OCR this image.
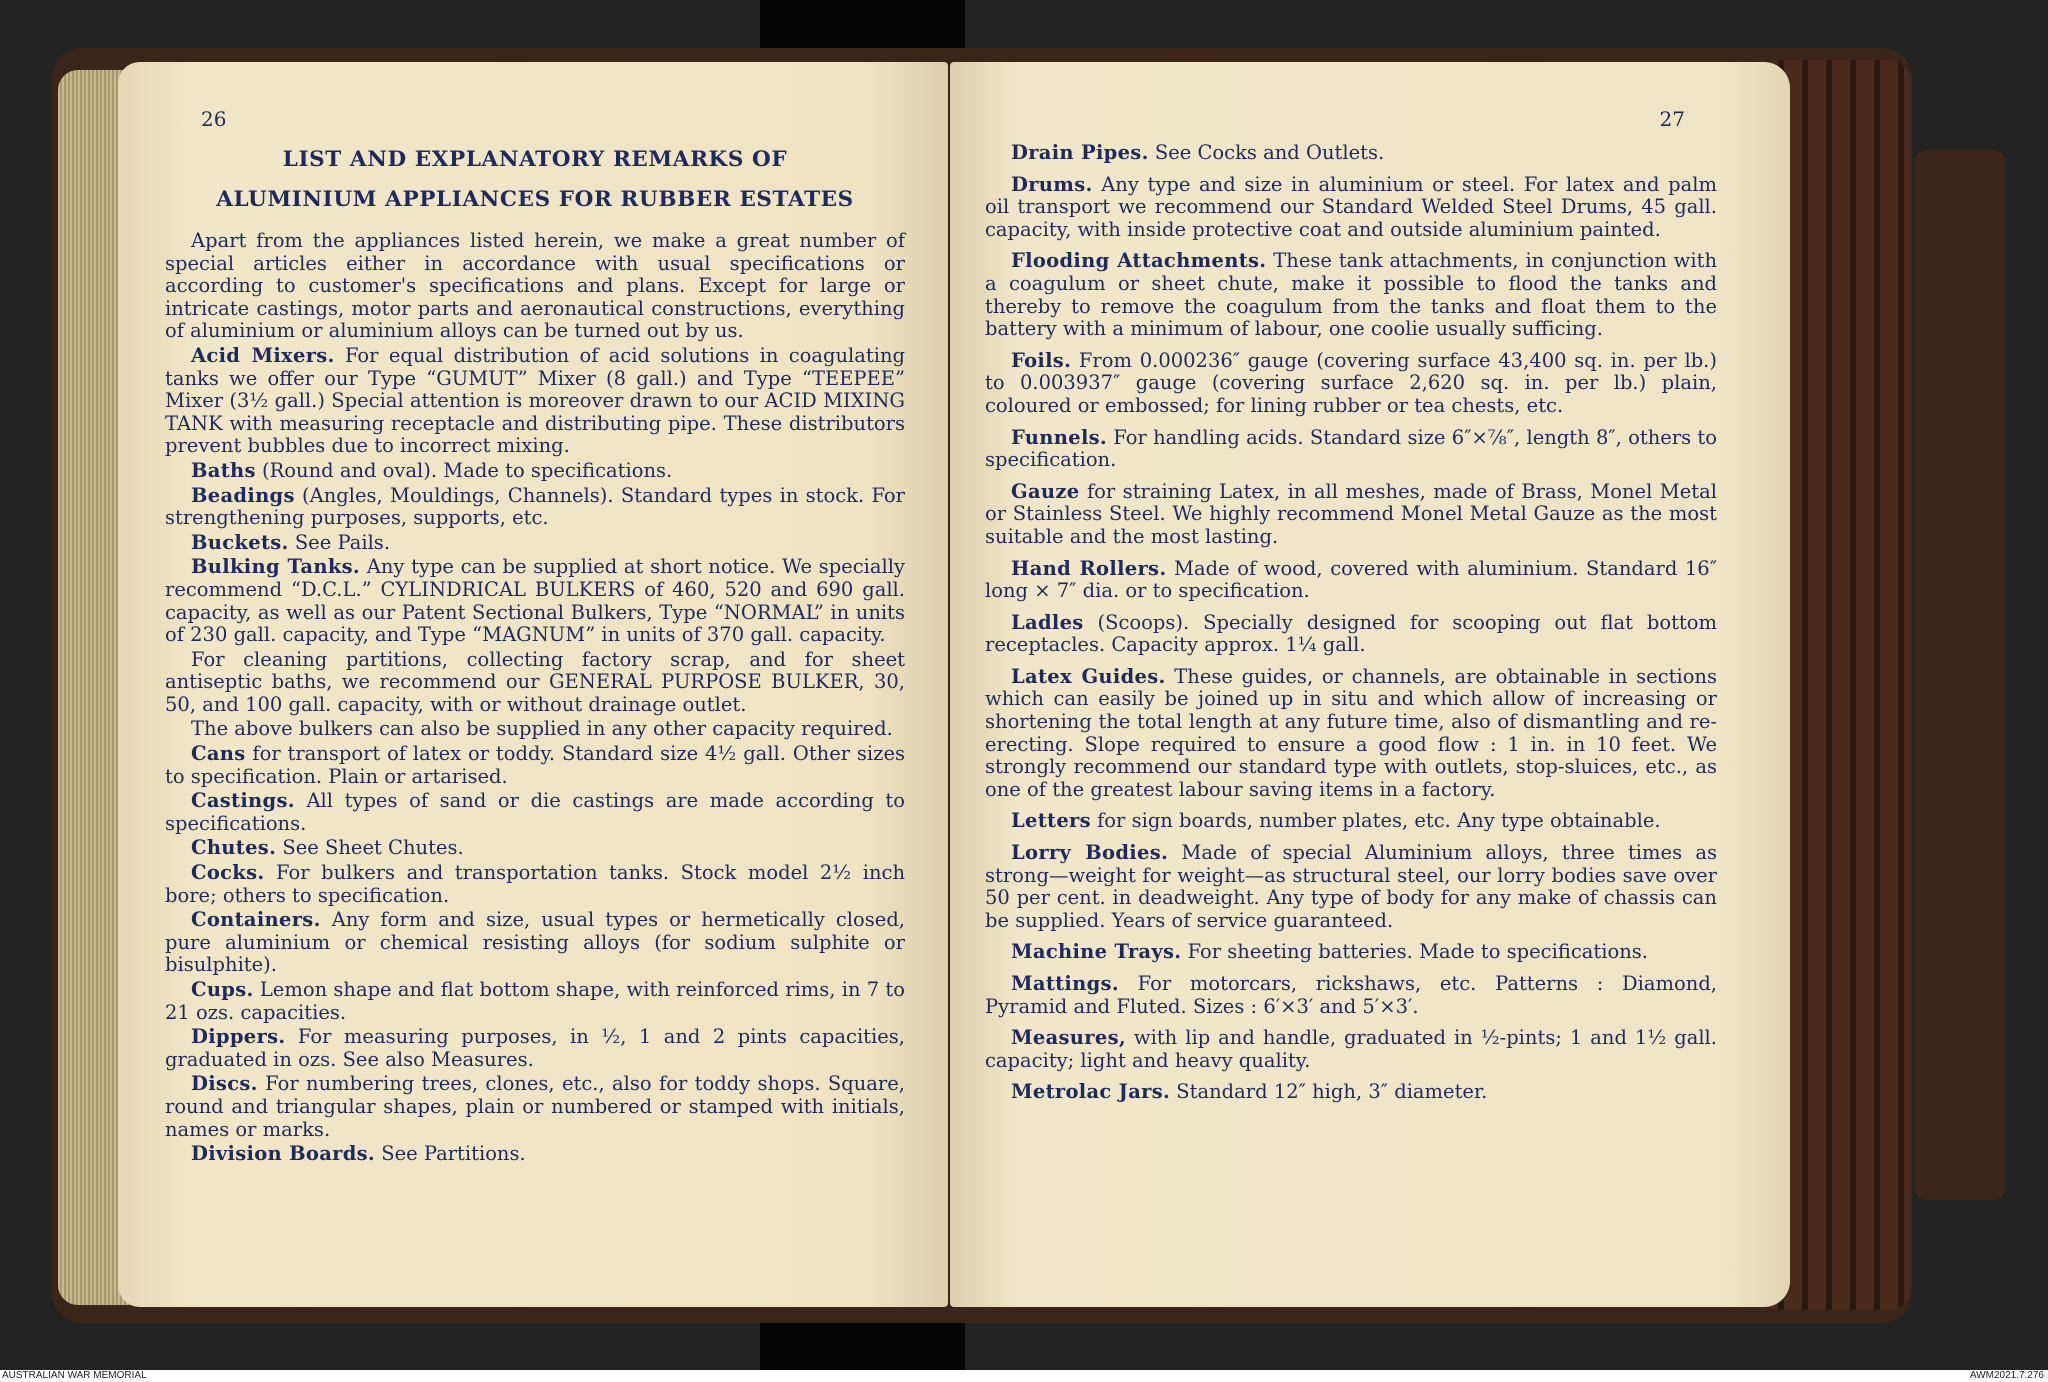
26
LIST AND EXPLANATORY REMARKS OF
ALUMINIUM APPLIANCES FOR RUBBER ESTATES

Apart from the appliances listed herein, we make a great number of special articles either in accordance with usual specifications or according to customer's specifications and plans. Except for large or intricate castings, motor parts and aeronautical constructions, everything of aluminium or aluminium alloys can be turned out by us.

Acid Mixers. For equal distribution of acid solutions in coagulating tanks we offer our Type “GUMUT” Mixer (8 gall.) and Type “TEEPEE” Mixer (3½ gall.) Special attention is moreover drawn to our ACID MIXING TANK with measuring receptacle and distributing pipe. These distributors prevent bubbles due to incorrect mixing.

Baths (Round and oval). Made to specifications.

Beadings (Angles, Mouldings, Channels). Standard types in stock. For strengthening purposes, supports, etc.

Buckets. See Pails.

Bulking Tanks. Any type can be supplied at short notice. We specially recommend “D.C.L.” CYLINDRICAL BULKERS of 460, 520 and 690 gall. capacity, as well as our Patent Sectional Bulkers, Type “NORMAL” in units of 230 gall. capacity, and Type “MAGNUM” in units of 370 gall. capacity.

For cleaning partitions, collecting factory scrap, and for sheet antiseptic baths, we recommend our GENERAL PURPOSE BULKER, 30, 50, and 100 gall. capacity, with or without drainage outlet.

The above bulkers can also be supplied in any other capacity required.

Cans for transport of latex or toddy. Standard size 4½ gall. Other sizes to specification. Plain or artarised.

Castings. All types of sand or die castings are made according to specifications.

Chutes. See Sheet Chutes.

Cocks. For bulkers and transportation tanks. Stock model 2½ inch bore; others to specification.

Containers. Any form and size, usual types or hermetically closed, pure aluminium or chemical resisting alloys (for sodium sulphite or bisulphite).

Cups. Lemon shape and flat bottom shape, with reinforced rims, in 7 to 21 ozs. capacities.

Dippers. For measuring purposes, in ½, 1 and 2 pints capacities, graduated in ozs. See also Measures.

Discs. For numbering trees, clones, etc., also for toddy shops. Square, round and triangular shapes, plain or numbered or stamped with initials, names or marks.

Division Boards. See Partitions.

27

Drain Pipes. See Cocks and Outlets.

Drums. Any type and size in aluminium or steel. For latex and palm oil transport we recommend our Standard Welded Steel Drums, 45 gall. capacity, with inside protective coat and outside aluminium painted.

Flooding Attachments. These tank attachments, in conjunction with a coagulum or sheet chute, make it possible to flood the tanks and thereby to remove the coagulum from the tanks and float them to the battery with a minimum of labour, one coolie usually sufficing.

Foils. From 0.000236″ gauge (covering surface 43,400 sq. in. per lb.) to 0.003937″ gauge (covering surface 2,620 sq. in. per lb.) plain, coloured or embossed; for lining rubber or tea chests, etc.

Funnels. For handling acids. Standard size 6″×⅞″, length 8″, others to specification.

Gauze for straining Latex, in all meshes, made of Brass, Monel Metal or Stainless Steel. We highly recommend Monel Metal Gauze as the most suitable and the most lasting.

Hand Rollers. Made of wood, covered with aluminium. Standard 16″ long × 7″ dia. or to specification.

Ladles (Scoops). Specially designed for scooping out flat bottom receptacles. Capacity approx. 1¼ gall.

Latex Guides. These guides, or channels, are obtainable in sections which can easily be joined up in situ and which allow of increasing or shortening the total length at any future time, also of dismantling and re-erecting. Slope required to ensure a good flow : 1 in. in 10 feet. We strongly recommend our standard type with outlets, stop-sluices, etc., as one of the greatest labour saving items in a factory.

Letters for sign boards, number plates, etc. Any type obtainable.

Lorry Bodies. Made of special Aluminium alloys, three times as strong—weight for weight—as structural steel, our lorry bodies save over 50 per cent. in deadweight. Any type of body for any make of chassis can be supplied. Years of service guaranteed.

Machine Trays. For sheeting batteries. Made to specifications.

Mattings. For motorcars, rickshaws, etc. Patterns : Diamond, Pyramid and Fluted. Sizes : 6′×3′ and 5′×3′.

Measures, with lip and handle, graduated in ½-pints; 1 and 1½ gall. capacity; light and heavy quality.

Metrolac Jars. Standard 12″ high, 3″ diameter.

AUSTRALIAN WAR MEMORIAL	AWM2021.7.276
